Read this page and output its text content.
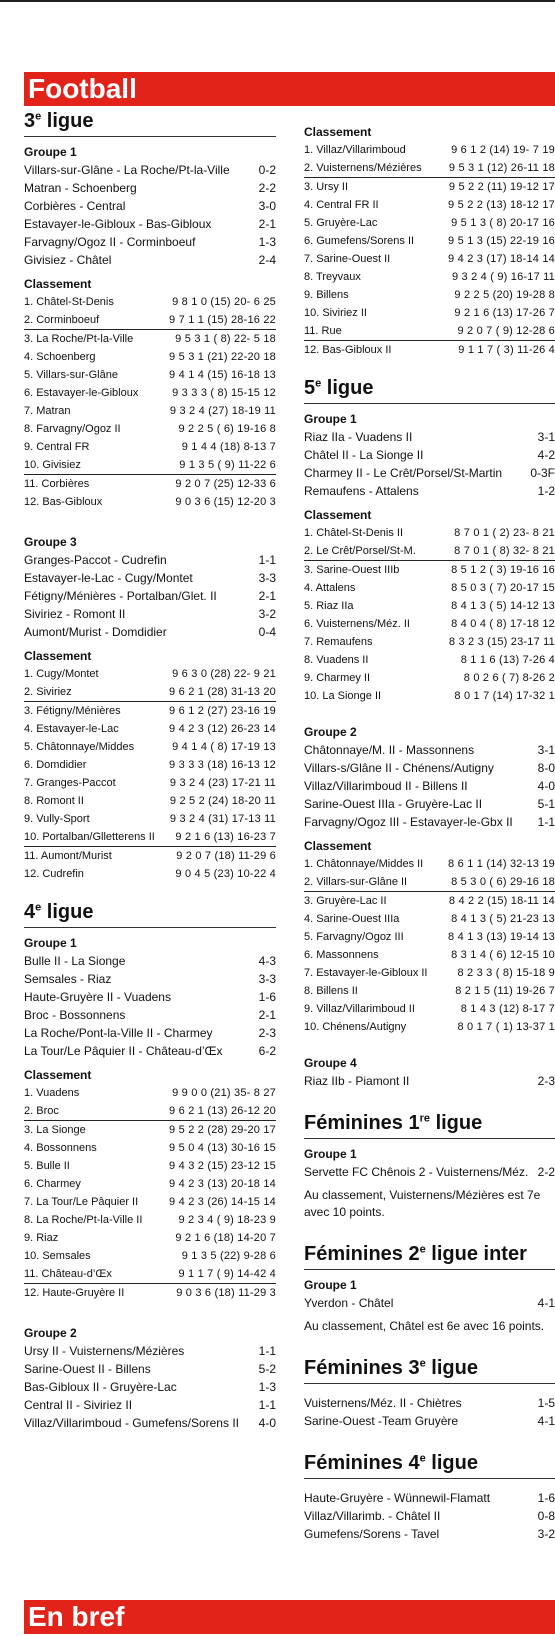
Football
3e ligue
Groupe 1
Villars-sur-Glâne - La Roche/Pt-la-Ville	0-2
Matran - Schoenberg	2-2
Corbières - Central	3-0
Estavayer-le-Gibloux - Bas-Gibloux	2-1
Farvagny/Ogoz II - Corminboeuf	1-3
Givisiez - Châtel	2-4
Classement
1. Châtel-St-Denis	9 8 1 0 (15) 20- 6 25
2. Corminboeuf	9 7 1 1 (15) 28-16 22
3. La Roche/Pt-la-Ville	9 5 3 1 ( 8) 22- 5 18
4. Schoenberg	9 5 3 1 (21) 22-20 18
5. Villars-sur-Glâne	9 4 1 4 (15) 16-18 13
6. Estavayer-le-Gibloux	9 3 3 3 ( 8) 15-15 12
7. Matran	9 3 2 4 (27) 18-19 11
8. Farvagny/Ogoz II	9 2 2 5 ( 6) 19-16 8
9. Central FR	9 1 4 4 (18) 8-13 7
10. Givisiez	9 1 3 5 ( 9) 11-22 6
11. Corbières	9 2 0 7 (25) 12-33 6
12. Bas-Gibloux	9 0 3 6 (15) 12-20 3
Groupe 3
Granges-Paccot - Cudrefin	1-1
Estavayer-le-Lac - Cugy/Montet	3-3
Fétigny/Ménières - Portalban/Glet. II	2-1
Siviriez - Romont II	3-2
Aumont/Murist - Domdidier	0-4
Classement
1. Cugy/Montet	9 6 3 0 (28) 22- 9 21
2. Siviriez	9 6 2 1 (28) 31-13 20
3. Fétigny/Ménières	9 6 1 2 (27) 23-16 19
4. Estavayer-le-Lac	9 4 2 3 (12) 26-23 14
5. Châtonnaye/Middes	9 4 1 4 ( 8) 17-19 13
6. Domdidier	9 3 3 3 (18) 16-13 12
7. Granges-Paccot	9 3 2 4 (23) 17-21 11
8. Romont II	9 2 5 2 (24) 18-20 11
9. Vully-Sport	9 3 2 4 (31) 17-13 11
10. Portalban/Glletterens II	9 2 1 6 (13) 16-23 7
11. Aumont/Murist	9 2 0 7 (18) 11-29 6
12. Cudrefin	9 0 4 5 (23) 10-22 4
4e ligue
Groupe 1
Bulle II - La Sionge	4-3
Semsales - Riaz	3-3
Haute-Gruyère II - Vuadens	1-6
Broc - Bossonnens	2-1
La Roche/Pont-la-Ville II - Charmey	2-3
La Tour/Le Pâquier II - Château-d’Œx	6-2
Classement
1. Vuadens	9 9 0 0 (21) 35- 8 27
2. Broc	9 6 2 1 (13) 26-12 20
3. La Sionge	9 5 2 2 (28) 29-20 17
4. Bossonnens	9 5 0 4 (13) 30-16 15
5. Bulle II	9 4 3 2 (15) 23-12 15
6. Charmey	9 4 2 3 (13) 20-18 14
7. La Tour/Le Pâquier II	9 4 2 3 (26) 14-15 14
8. La Roche/Pt-la-Ville II	9 2 3 4 ( 9) 18-23 9
9. Riaz	9 2 1 6 (18) 14-20 7
10. Semsales	9 1 3 5 (22) 9-28 6
11. Château-d’Œx	9 1 1 7 ( 9) 14-42 4
12. Haute-Gruyère II	9 0 3 6 (18) 11-29 3
Groupe 2
Ursy II - Vuisternens/Mézières	1-1
Sarine-Ouest II - Billens	5-2
Bas-Gibloux II - Gruyère-Lac	1-3
Central II - Siviriez II	1-1
Villaz/Villarimboud - Gumefens/Sorens II	4-0
Classement
1. Villaz/Villarimboud	9 6 1 2 (14) 19- 7 19
2. Vuisternens/Mézières	9 5 3 1 (12) 26-11 18
3. Ursy II	9 5 2 2 (11) 19-12 17
4. Central FR II	9 5 2 2 (13) 18-12 17
5. Gruyère-Lac	9 5 1 3 ( 8) 20-17 16
6. Gumefens/Sorens II	9 5 1 3 (15) 22-19 16
7. Sarine-Ouest II	9 4 2 3 (17) 18-14 14
8. Treyvaux	9 3 2 4 ( 9) 16-17 11
9. Billens	9 2 2 5 (20) 19-28 8
10. Siviriez II	9 2 1 6 (13) 17-26 7
11. Rue	9 2 0 7 ( 9) 12-28 6
12. Bas-Gibloux II	9 1 1 7 ( 3) 11-26 4
5e ligue
Groupe 1
Riaz IIa - Vuadens II	3-1
Châtel II - La Sionge II	4-2
Charmey II - Le Crêt/Porsel/St-Martin	0-3F
Remaufens - Attalens	1-2
Classement
1. Châtel-St-Denis II	8 7 0 1 ( 2) 23- 8 21
2. Le Crêt/Porsel/St-M.	8 7 0 1 ( 8) 32- 8 21
3. Sarine-Ouest IIIb	8 5 1 2 ( 3) 19-16 16
4. Attalens	8 5 0 3 ( 7) 20-17 15
5. Riaz IIa	8 4 1 3 ( 5) 14-12 13
6. Vuisternens/Méz. II	8 4 0 4 ( 8) 17-18 12
7. Remaufens	8 3 2 3 (15) 23-17 11
8. Vuadens II	8 1 1 6 (13) 7-26 4
9. Charmey II	8 0 2 6 ( 7) 8-26 2
10. La Sionge II	8 0 1 7 (14) 17-32 1
Groupe 2
Châtonnaye/M. II - Massonnens	3-1
Villars-s/Glâne II - Chénens/Autigny	8-0
Villaz/Villarimboud II - Billens II	4-0
Sarine-Ouest IIIa - Gruyère-Lac II	5-1
Farvagny/Ogoz III - Estavayer-le-Gbx II	1-1
Classement
1. Châtonnaye/Middes II	8 6 1 1 (14) 32-13 19
2. Villars-sur-Glâne II	8 5 3 0 ( 6) 29-16 18
3. Gruyère-Lac II	8 4 2 2 (15) 18-11 14
4. Sarine-Ouest IIIa	8 4 1 3 ( 5) 21-23 13
5. Farvagny/Ogoz III	8 4 1 3 (13) 19-14 13
6. Massonnens	8 3 1 4 ( 6) 12-15 10
7. Estavayer-le-Gibloux II	8 2 3 3 ( 8) 15-18 9
8. Billens II	8 2 1 5 (11) 19-26 7
9. Villaz/Villarimboud II	8 1 4 3 (12) 8-17 7
10. Chénens/Autigny	8 0 1 7 ( 1) 13-37 1
Groupe 4
Riaz IIb - Piamont II	2-3
Féminines 1re ligue
Groupe 1
Servette FC Chênois 2 - Vuisternens/Méz. 2-2
Au classement, Vuisternens/Mézières est 7e avec 10 points.
Féminines 2e ligue inter
Groupe 1
Yverdon - Châtel	4-1
Au classement, Châtel est 6e avec 16 points.
Féminines 3e ligue
Vuisternens/Méz. II - Chiètres	1-5
Sarine-Ouest -Team Gruyère	4-1
Féminines 4e ligue
Haute-Gruyère - Wünnewil-Flamatt	1-6
Villaz/Villarimb. - Châtel II	0-8
Gumefens/Sorens - Tavel	3-2
En bref
